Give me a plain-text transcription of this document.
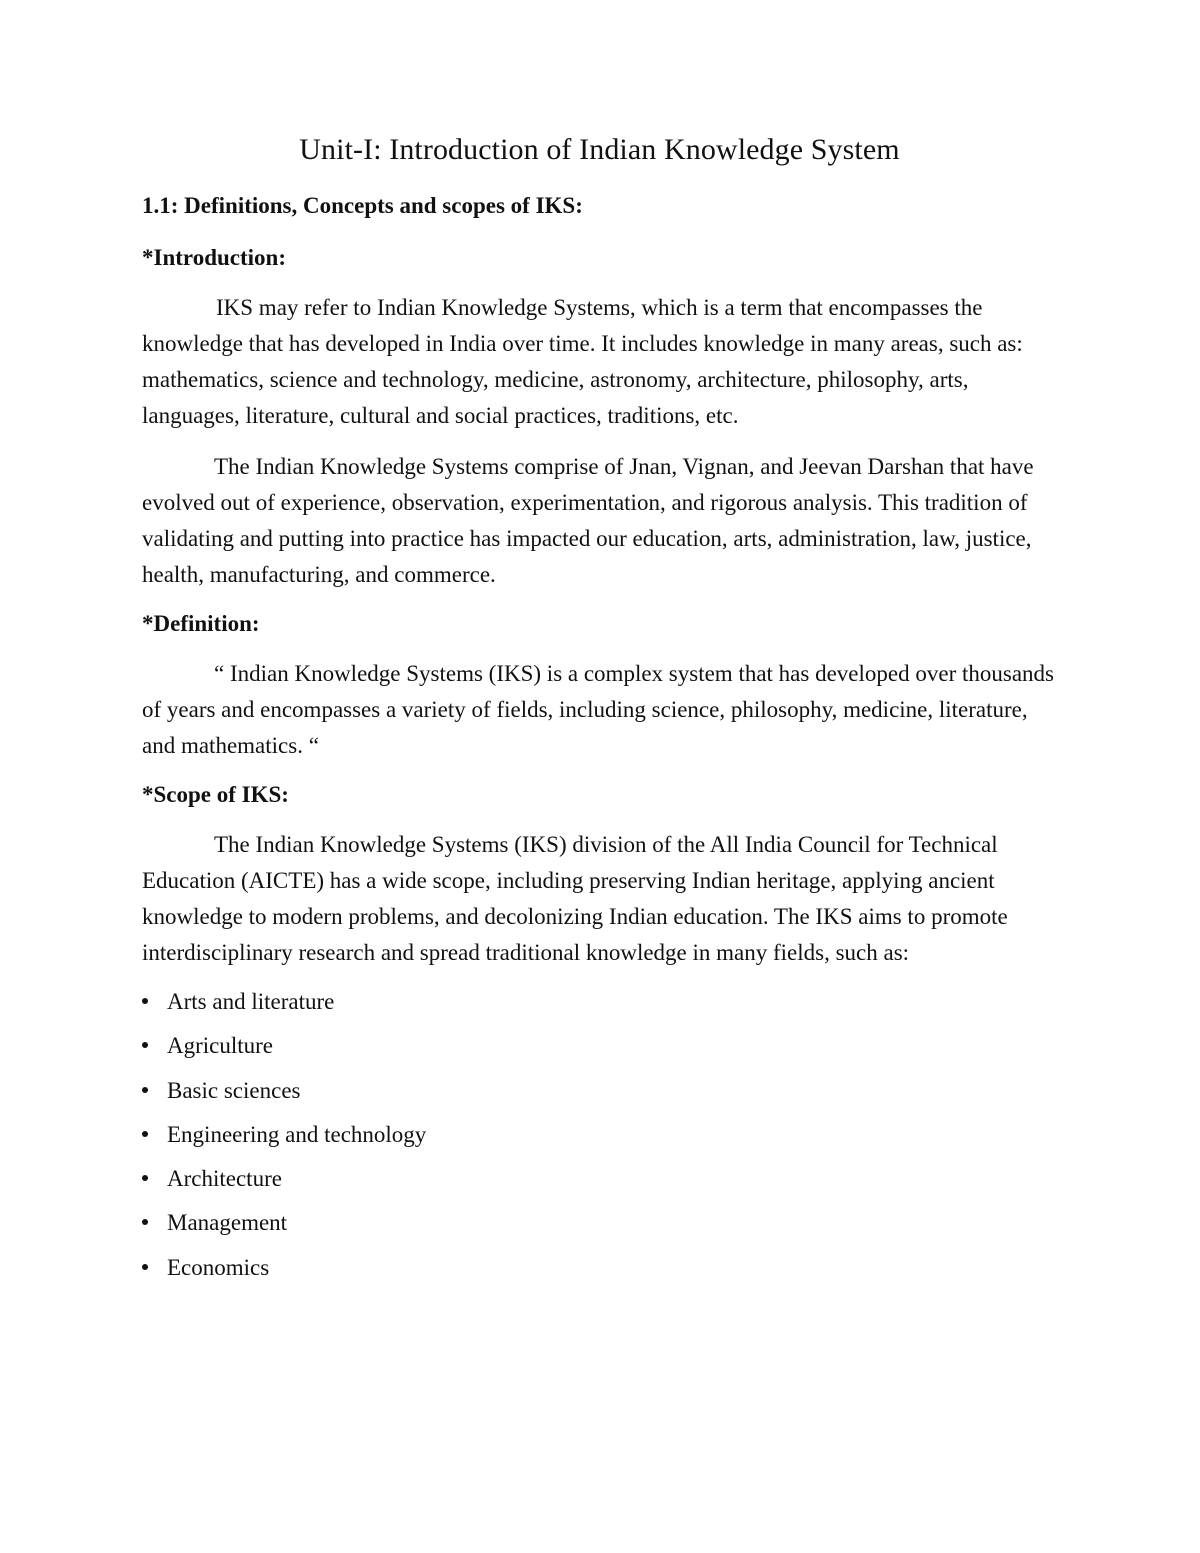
Unit-I: Introduction of Indian Knowledge System
1.1: Definitions, Concepts and scopes of IKS:
*Introduction:

IKS may refer to Indian Knowledge Systems, which is a term that encompasses the knowledge that has developed in India over time. It includes knowledge in many areas, such as: mathematics, science and technology, medicine, astronomy, architecture, philosophy, arts, languages, literature, cultural and social practices, traditions, etc.

The Indian Knowledge Systems comprise of Jnan, Vignan, and Jeevan Darshan that have evolved out of experience, observation, experimentation, and rigorous analysis. This tradition of validating and putting into practice has impacted our education, arts, administration, law, justice, health, manufacturing, and commerce.

*Definition:

“ Indian Knowledge Systems (IKS) is a complex system that has developed over thousands of years and encompasses a variety of fields, including science, philosophy, medicine, literature, and mathematics. “

*Scope of IKS:

The Indian Knowledge Systems (IKS) division of the All India Council for Technical Education (AICTE) has a wide scope, including preserving Indian heritage, applying ancient knowledge to modern problems, and decolonizing Indian education. The IKS aims to promote interdisciplinary research and spread traditional knowledge in many fields, such as:

Arts and literature
Agriculture
Basic sciences
Engineering and technology
Architecture
Management
Economics
